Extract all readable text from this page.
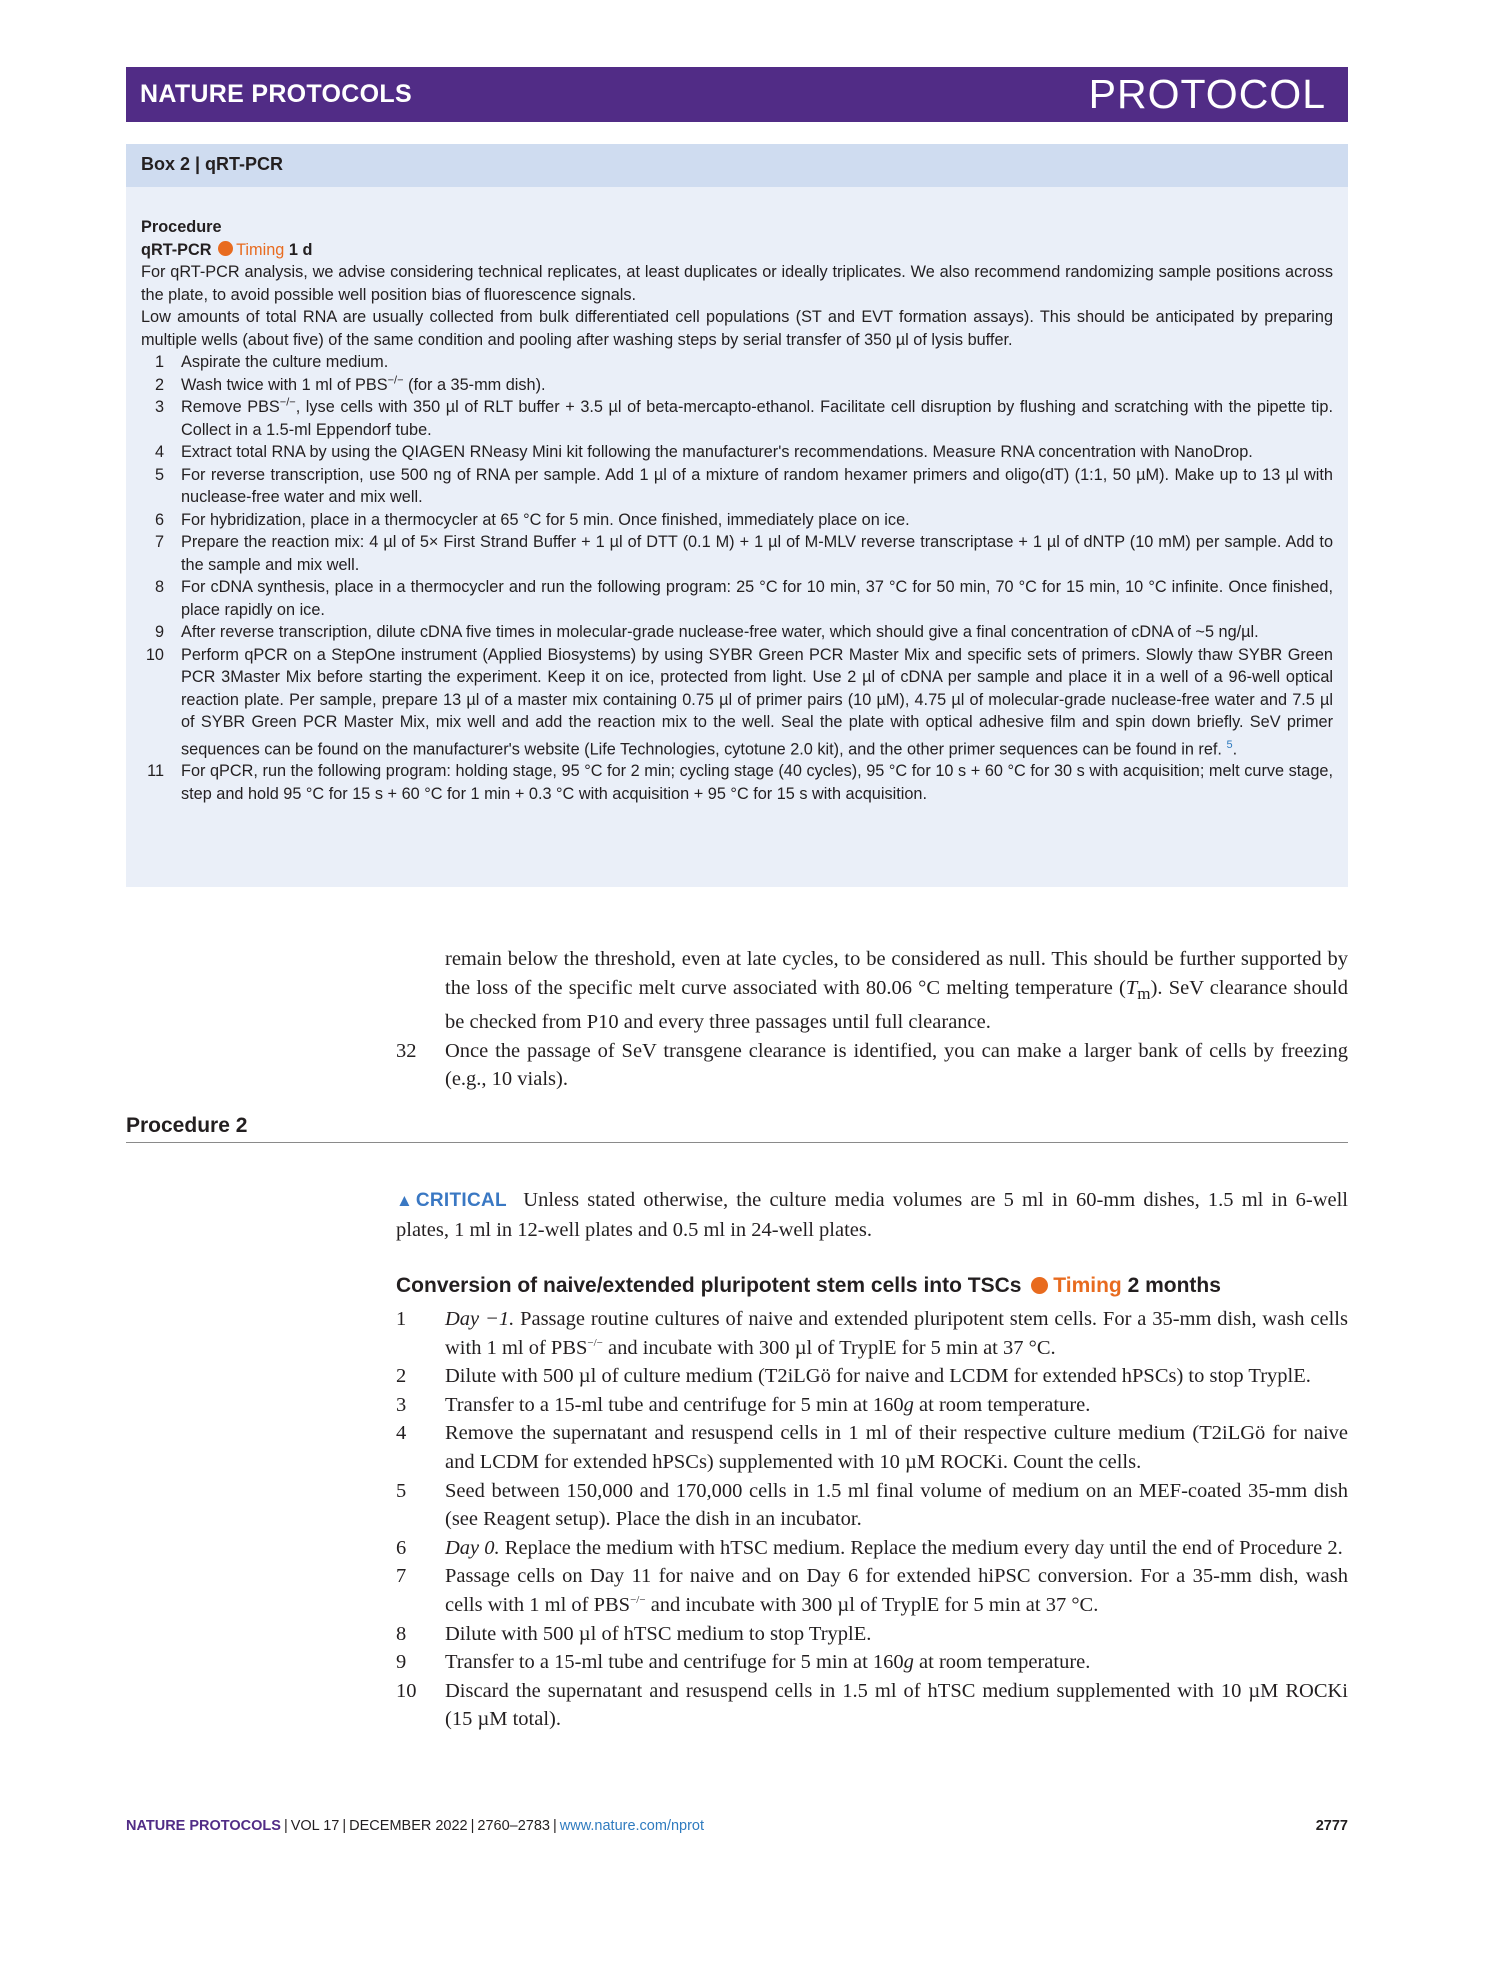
NATURE PROTOCOLS	PROTOCOL
Box 2 | qRT-PCR

Procedure

qRT-PCR Timing 1 d

For qRT-PCR analysis, we advise considering technical replicates, at least duplicates or ideally triplicates. We also recommend randomizing sample positions across the plate, to avoid possible well position bias of fluorescence signals.

Low amounts of total RNA are usually collected from bulk differentiated cell populations (ST and EVT formation assays). This should be anticipated by preparing multiple wells (about five) of the same condition and pooling after washing steps by serial transfer of 350 µl of lysis buffer.

1 Aspirate the culture medium.
2 Wash twice with 1 ml of PBS−/− (for a 35-mm dish).
3 Remove PBS−/−, lyse cells with 350 µl of RLT buffer + 3.5 µl of beta-mercapto-ethanol. Facilitate cell disruption by flushing and scratching with the pipette tip. Collect in a 1.5-ml Eppendorf tube.
4 Extract total RNA by using the QIAGEN RNeasy Mini kit following the manufacturer's recommendations. Measure RNA concentration with NanoDrop.
5 For reverse transcription, use 500 ng of RNA per sample. Add 1 µl of a mixture of random hexamer primers and oligo(dT) (1:1, 50 µM). Make up to 13 µl with nuclease-free water and mix well.
6 For hybridization, place in a thermocycler at 65 °C for 5 min. Once finished, immediately place on ice.
7 Prepare the reaction mix: 4 µl of 5× First Strand Buffer + 1 µl of DTT (0.1 M) + 1 µl of M-MLV reverse transcriptase + 1 µl of dNTP (10 mM) per sample. Add to the sample and mix well.
8 For cDNA synthesis, place in a thermocycler and run the following program: 25 °C for 10 min, 37 °C for 50 min, 70 °C for 15 min, 10 °C infinite. Once finished, place rapidly on ice.
9 After reverse transcription, dilute cDNA five times in molecular-grade nuclease-free water, which should give a final concentration of cDNA of ~5 ng/µl.
10 Perform qPCR on a StepOne instrument (Applied Biosystems) by using SYBR Green PCR Master Mix and specific sets of primers. Slowly thaw SYBR Green PCR 3Master Mix before starting the experiment. Keep it on ice, protected from light. Use 2 µl of cDNA per sample and place it in a well of a 96-well optical reaction plate. Per sample, prepare 13 µl of a master mix containing 0.75 µl of primer pairs (10 µM), 4.75 µl of molecular-grade nuclease-free water and 7.5 µl of SYBR Green PCR Master Mix, mix well and add the reaction mix to the well. Seal the plate with optical adhesive film and spin down briefly. SeV primer sequences can be found on the manufacturer's website (Life Technologies, cytotune 2.0 kit), and the other primer sequences can be found in ref. $^5$.
11 For qPCR, run the following program: holding stage, 95 °C for 2 min; cycling stage (40 cycles), 95 °C for 10 s + 60 °C for 30 s with acquisition; melt curve stage, step and hold 95 °C for 15 s + 60 °C for 1 min + 0.3 °C with acquisition + 95 °C for 15 s with acquisition.

remain below the threshold, even at late cycles, to be considered as null. This should be further supported by the loss of the specific melt curve associated with 80.06 °C melting temperature $(T_m)$. SeV clearance should be checked from P10 and every three passages until full clearance.

32	Once the passage of SeV transgene clearance is identified, you can make a larger bank of cells by freezing (e.g., 10 vials).
Procedure 2

▲CRITICAL Unless stated otherwise, the culture media volumes are 5 ml in 60-mm dishes, 1.5 ml in 6-well plates, 1 ml in 12-well plates and 0.5 ml in 24-well plates.

Conversion of naive/extended pluripotent stem cells into TSCs Timing 2 months

1	Day −1. Passage routine cultures of naive and extended pluripotent stem cells. For a 35-mm dish, wash cells with 1 ml of PBS−/− and incubate with 300 µl of TryplE for 5 min at 37 °C.
2	Dilute with 500 µl of culture medium (T2iLGö for naive and LCDM for extended hPSCs) to stop TryplE.
3	Transfer to a 15-ml tube and centrifuge for 5 min at 160g at room temperature.
4	Remove the supernatant and resuspend cells in 1 ml of their respective culture medium (T2iLGö for naive and LCDM for extended hPSCs) supplemented with 10 µM ROCKi. Count the cells.
5	Seed between 150,000 and 170,000 cells in 1.5 ml final volume of medium on an MEF-coated 35-mm dish (see Reagent setup). Place the dish in an incubator.
6	Day 0. Replace the medium with hTSC medium. Replace the medium every day until the end of Procedure 2.
7	Passage cells on Day 11 for naive and on Day 6 for extended hiPSC conversion. For a 35-mm dish, wash cells with 1 ml of PBS−/− and incubate with 300 µl of TryplE for 5 min at 37 °C.
8	Dilute with 500 µl of hTSC medium to stop TryplE.
9	Transfer to a 15-ml tube and centrifuge for 5 min at 160g at room temperature.
10	Discard the supernatant and resuspend cells in 1.5 ml of hTSC medium supplemented with 10 µM ROCKi (15 µM total).
NATURE PROTOCOLS | VOL 17 | DECEMBER 2022 | 2760–2783 | www.nature.com/nprot	2777
